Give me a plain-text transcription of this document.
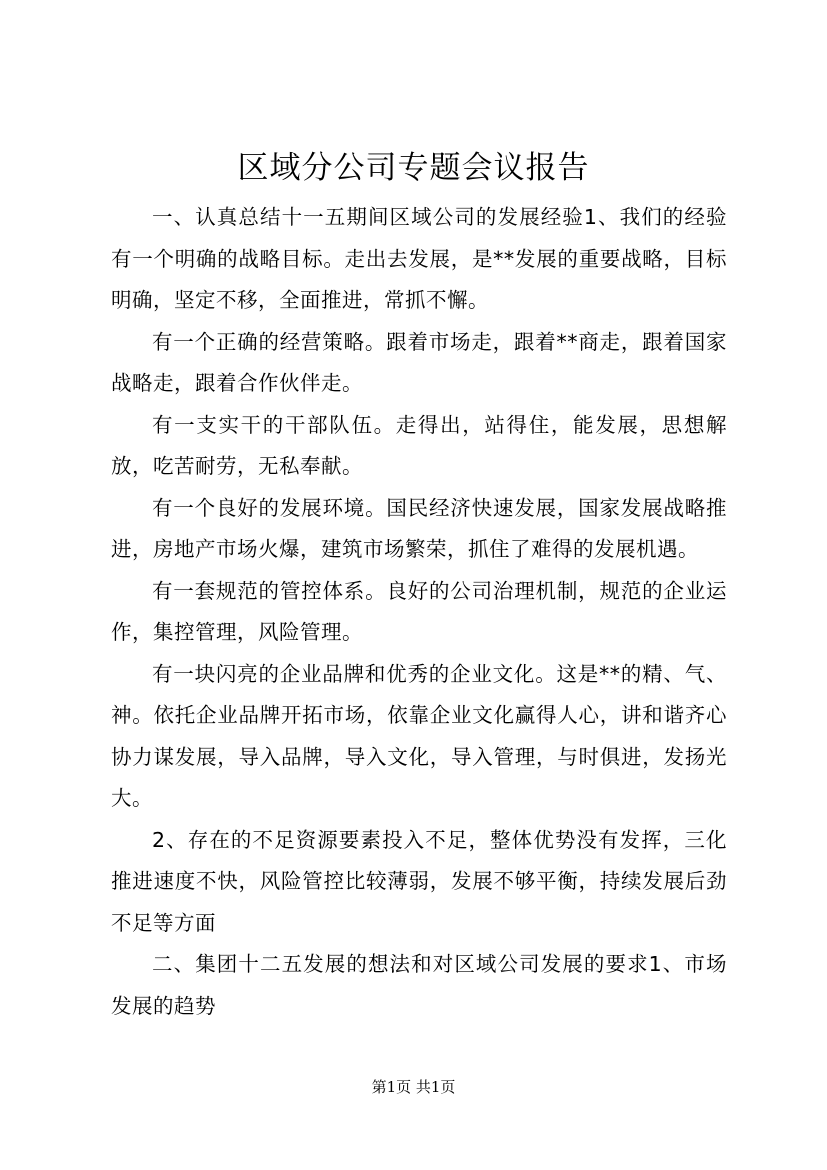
区域分公司专题会议报告

一、认真总结十一五期间区域公司的发展经验1、我们的经验有一个明确的战略目标。走出去发展，是**发展的重要战略，目标明确，坚定不移，全面推进，常抓不懈。

有一个正确的经营策略。跟着市场走，跟着**商走，跟着国家战略走，跟着合作伙伴走。

有一支实干的干部队伍。走得出，站得住，能发展，思想解放，吃苦耐劳，无私奉献。

有一个良好的发展环境。国民经济快速发展，国家发展战略推进，房地产市场火爆，建筑市场繁荣，抓住了难得的发展机遇。

有一套规范的管控体系。良好的公司治理机制，规范的企业运作，集控管理，风险管理。

有一块闪亮的企业品牌和优秀的企业文化。这是**的精、气、神。依托企业品牌开拓市场，依靠企业文化赢得人心，讲和谐齐心协力谋发展，导入品牌，导入文化，导入管理，与时俱进，发扬光大。

2、存在的不足资源要素投入不足，整体优势没有发挥，三化推进速度不快，风险管控比较薄弱，发展不够平衡，持续发展后劲不足等方面

二、集团十二五发展的想法和对区域公司发展的要求1、市场发展的趋势

第1页 共1页
